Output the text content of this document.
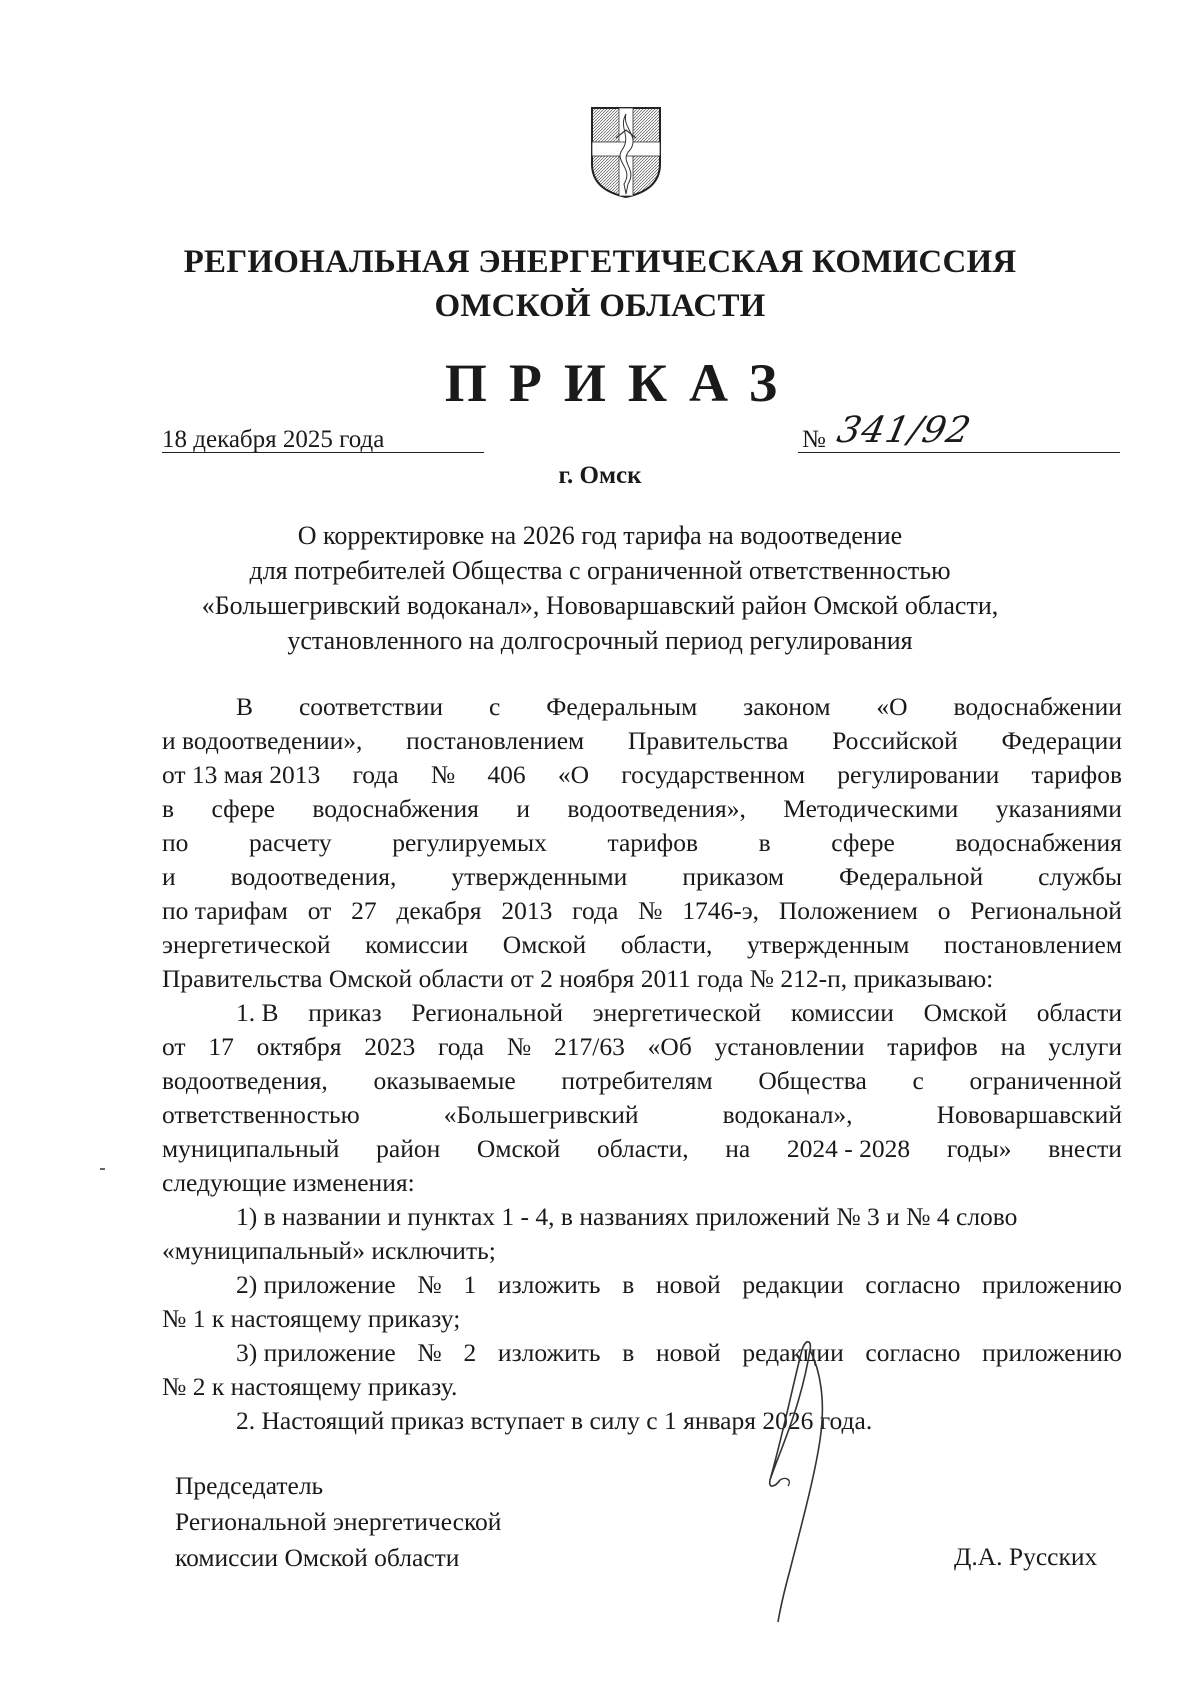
РЕГИОНАЛЬНАЯ ЭНЕРГЕТИЧЕСКАЯ КОМИССИЯ
ОМСКОЙ ОБЛАСТИ
ПРИКАЗ
18 декабря 2025 года	№ 341/92
г. Омск
О корректировке на 2026 год тарифа на водоотведение
для потребителей Общества с ограниченной ответственностью
«Большегривский водоканал», Нововаршавский район Омской области,
установленного на долгосрочный период регулирования
В соответствии с Федеральным законом «О водоснабжении
и водоотведении», постановлением Правительства Российской Федерации
от 13 мая 2013 года № 406 «О государственном регулировании тарифов
в сфере водоснабжения и водоотведения», Методическими указаниями
по расчету регулируемых тарифов в сфере водоснабжения
и водоотведения, утвержденными приказом Федеральной службы
по тарифам от 27 декабря 2013 года № 1746-э, Положением о Региональной
энергетической комиссии Омской области, утвержденным постановлением
Правительства Омской области от 2 ноября 2011 года № 212-п, приказываю:
1. В приказ Региональной энергетической комиссии Омской области
от 17 октября 2023 года № 217/63 «Об установлении тарифов на услуги
водоотведения, оказываемые потребителям Общества с ограниченной
ответственностью	«Большегривский	водоканал»,	Нововаршавский
муниципальный район Омской области, на 2024 - 2028 годы» внести
следующие изменения:
1) в названии и пунктах 1 - 4, в названиях приложений № 3 и № 4 слово
«муниципальный» исключить;
2) приложение № 1 изложить в новой редакции согласно приложению
№ 1 к настоящему приказу;
3) приложение № 2 изложить в новой редакции согласно приложению
№ 2 к настоящему приказу.
2. Настоящий приказ вступает в силу с 1 января 2026 года.
Председатель
Региональной энергетической
комиссии Омской области	Д.А. Русских
